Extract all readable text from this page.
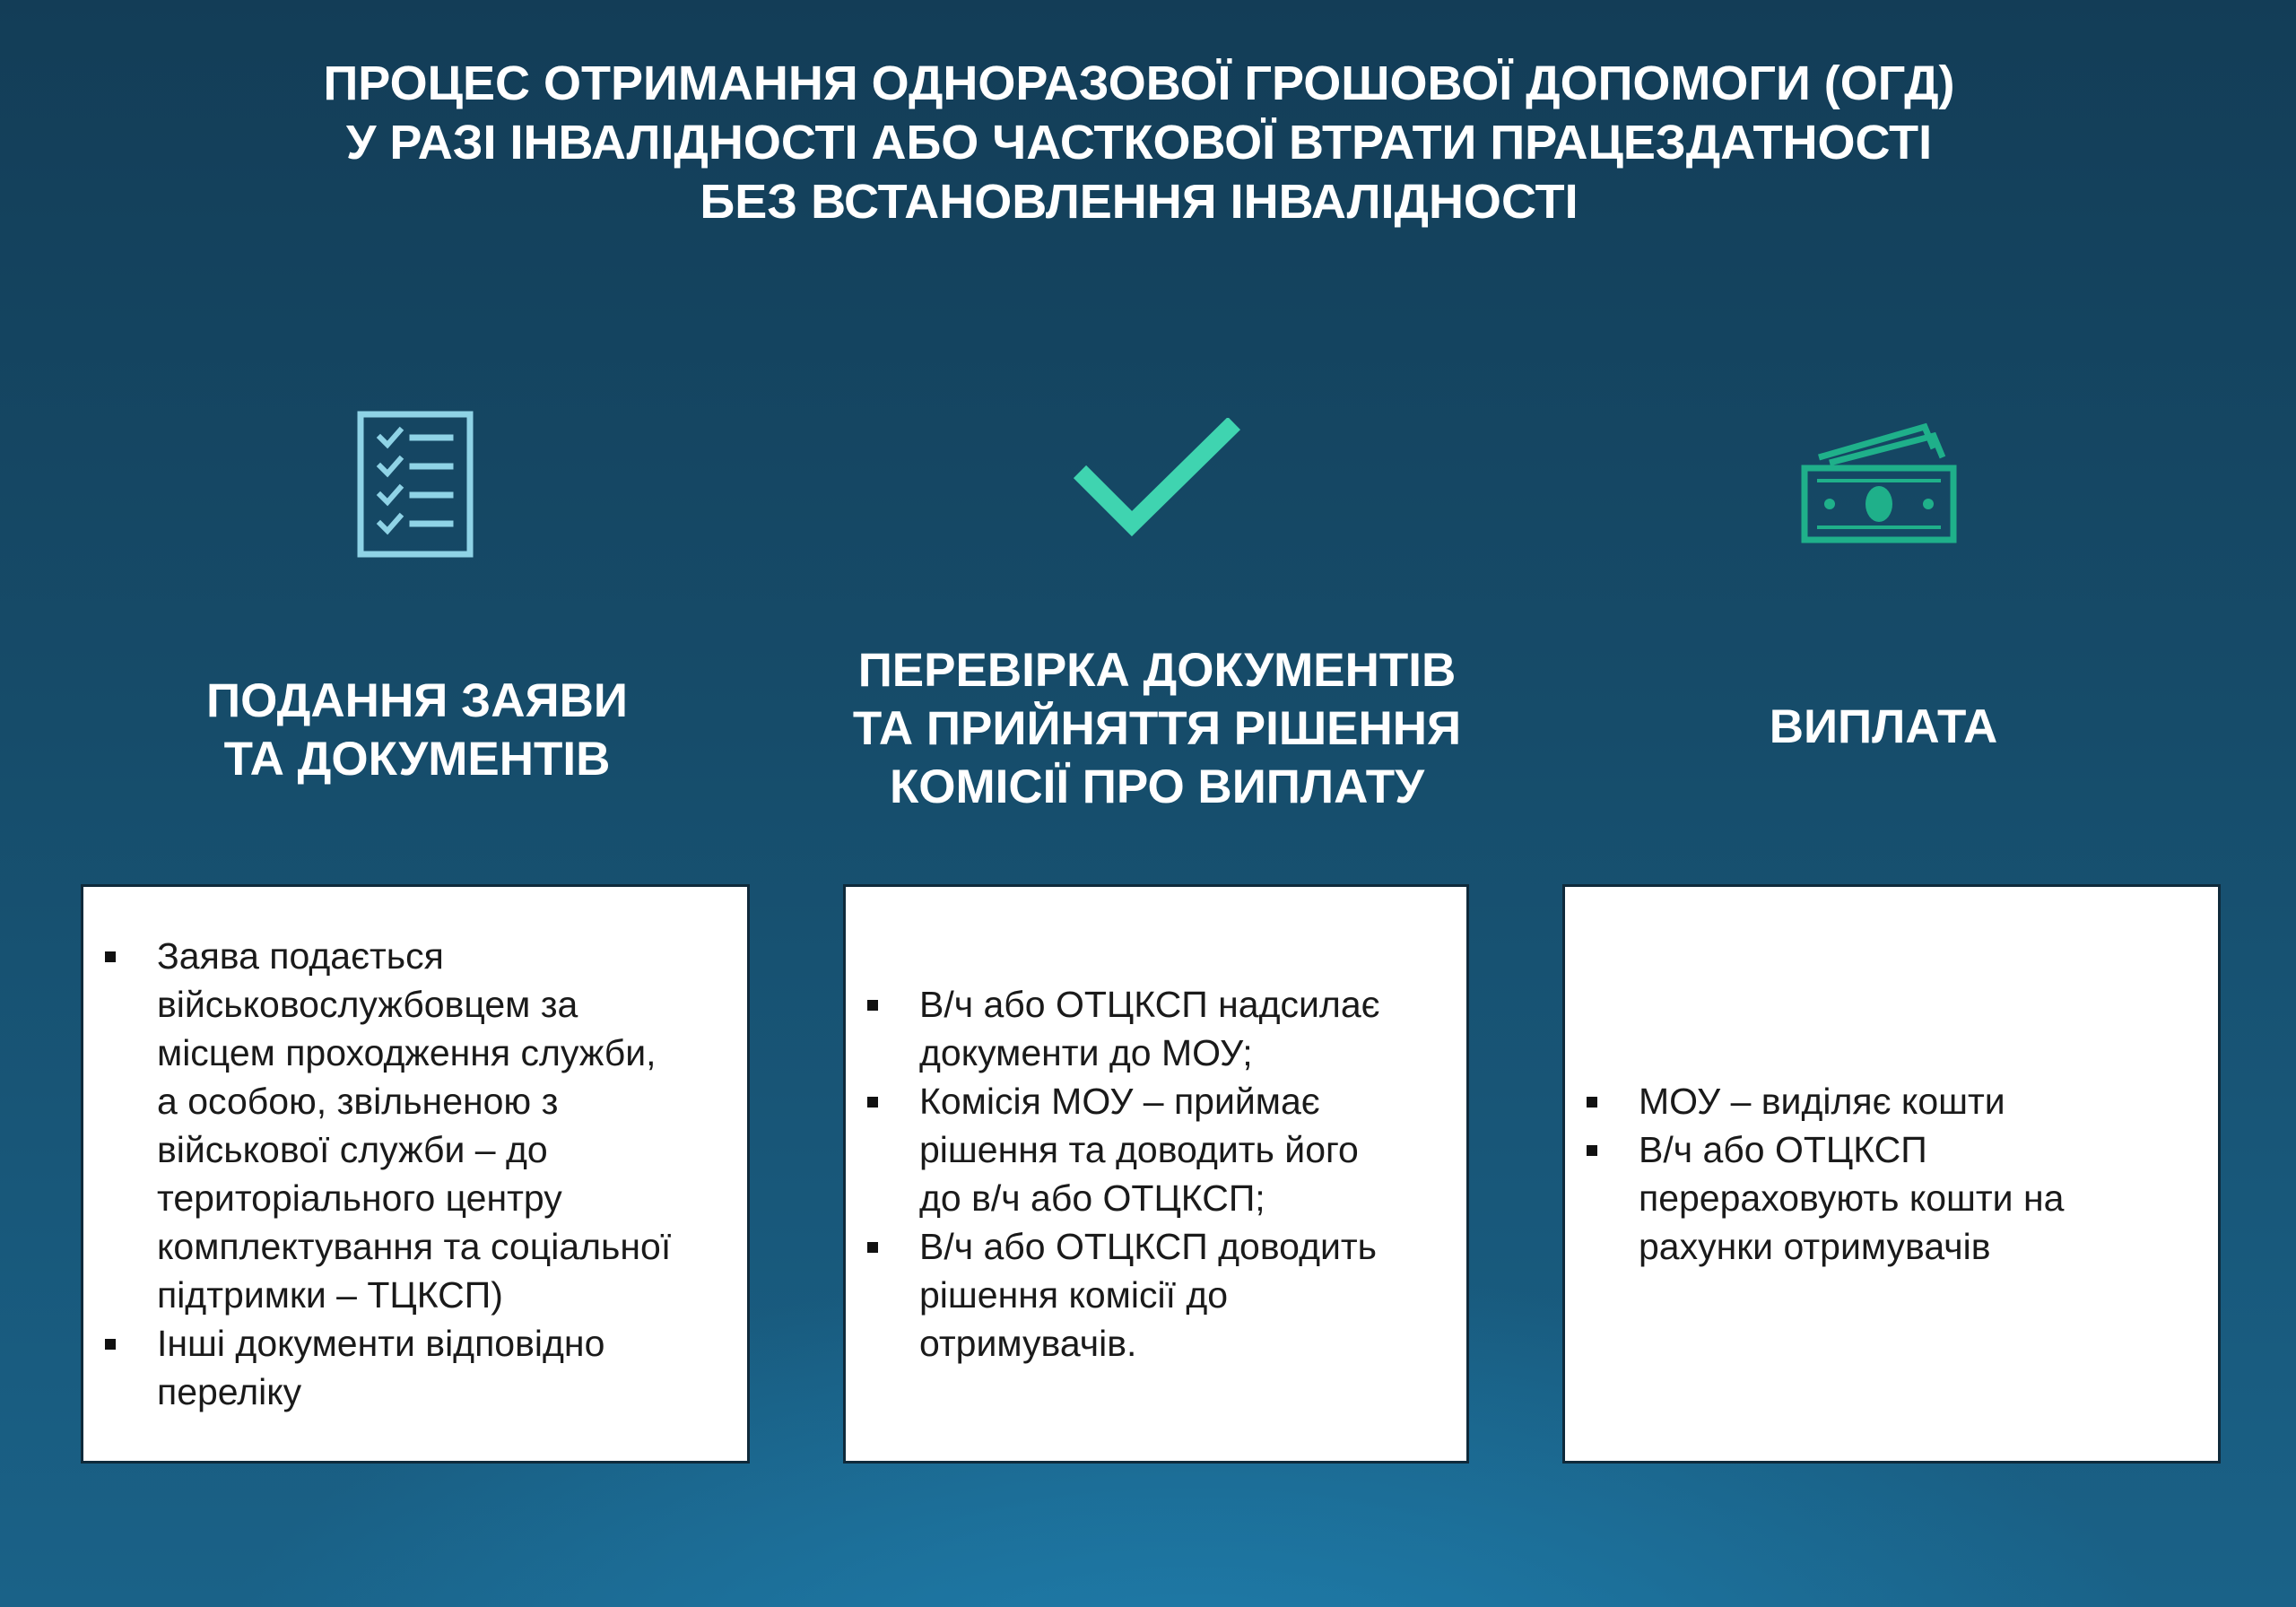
ПРОЦЕС ОТРИМАННЯ ОДНОРАЗОВОЇ ГРОШОВОЇ ДОПОМОГИ (ОГД)
У РАЗІ ІНВАЛІДНОСТІ АБО ЧАСТКОВОЇ ВТРАТИ ПРАЦЕЗДАТНОСТІ
БЕЗ ВСТАНОВЛЕННЯ ІНВАЛІДНОСТІ
ПОДАННЯ ЗАЯВИ
ТА ДОКУМЕНТІВ
ПЕРЕВІРКА ДОКУМЕНТІВ
ТА ПРИЙНЯТТЯ РІШЕННЯ
КОМІСІЇ ПРО ВИПЛАТУ
ВИПЛАТА
Заява подається
військовослужбовцем за
місцем проходження служби,
а особою, звільненою з
військової служби – до
територіального центру
комплектування та соціальної
підтримки – ТЦКСП)
Інші документи відповідно
переліку
В/ч або ОТЦКСП надсилає
документи до МОУ;
Комісія МОУ – приймає
рішення та доводить його
до в/ч або ОТЦКСП;
В/ч або ОТЦКСП доводить
рішення комісії до
отримувачів.
МОУ – виділяє кошти
В/ч або ОТЦКСП
перераховують кошти на
рахунки отримувачів
